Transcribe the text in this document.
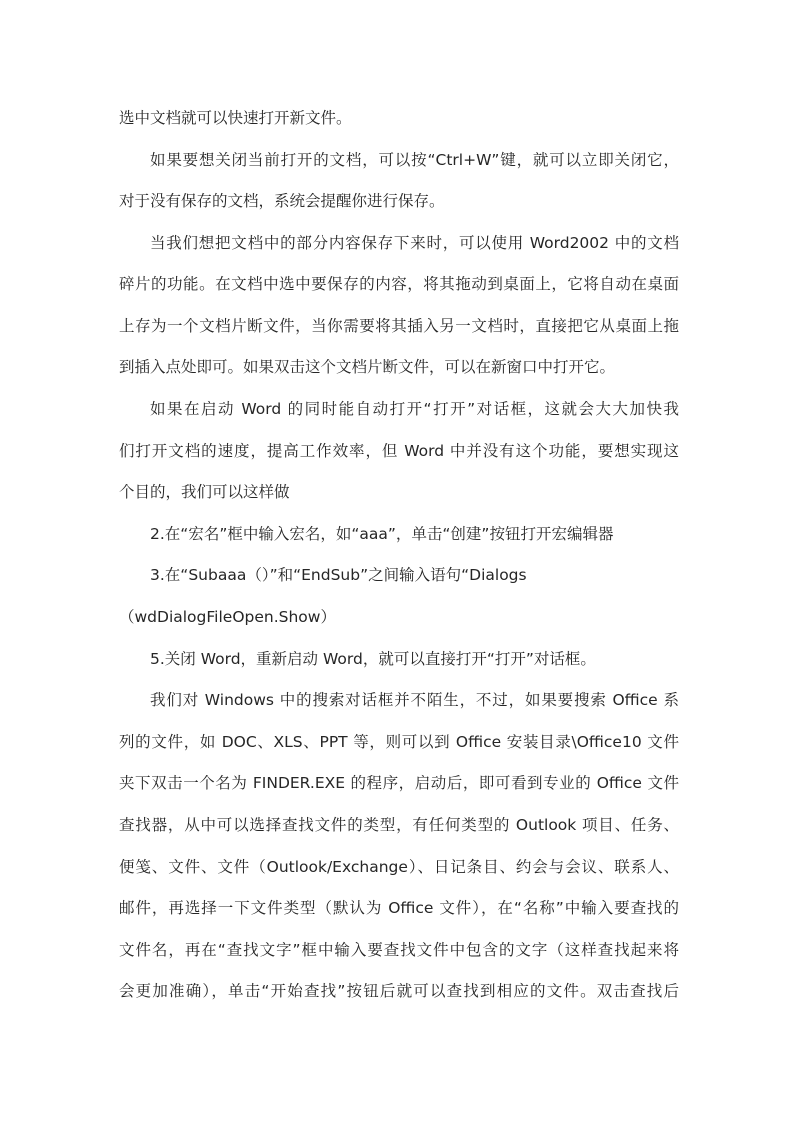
选中文档就可以快速打开新文件。
如果要想关闭当前打开的文档，可以按“Ctrl+W”键，就可以立即关闭它，
对于没有保存的文档，系统会提醒你进行保存。
当我们想把文档中的部分内容保存下来时，可以使用 Word2002 中的文档
碎片的功能。在文档中选中要保存的内容，将其拖动到桌面上，它将自动在桌面
上存为一个文档片断文件，当你需要将其插入另一文档时，直接把它从桌面上拖
到插入点处即可。如果双击这个文档片断文件，可以在新窗口中打开它。
如果在启动 Word 的同时能自动打开“打开”对话框，这就会大大加快我
们打开文档的速度，提高工作效率，但 Word 中并没有这个功能，要想实现这
个目的，我们可以这样做
2.在“宏名”框中输入宏名，如“aaa”，单击“创建”按钮打开宏编辑器
3.在“Subaaa（）”和“EndSub”之间输入语句“Dialogs
（wdDialogFileOpen.Show）
5.关闭 Word，重新启动 Word，就可以直接打开“打开”对话框。
我们对 Windows 中的搜索对话框并不陌生，不过，如果要搜索 Office 系
列的文件，如 DOC、XLS、PPT 等，则可以到 Office 安装目录\Office10 文件
夹下双击一个名为 FINDER.EXE 的程序，启动后，即可看到专业的 Office 文件
查找器，从中可以选择查找文件的类型，有任何类型的 Outlook 项目、任务、
便笺、文件、文件（Outlook/Exchange）、日记条目、约会与会议、联系人、
邮件，再选择一下文件类型（默认为 Office 文件），在“名称”中输入要查找的
文件名，再在“查找文字”框中输入要查找文件中包含的文字（这样查找起来将
会更加准确），单击“开始查找”按钮后就可以查找到相应的文件。双击查找后
